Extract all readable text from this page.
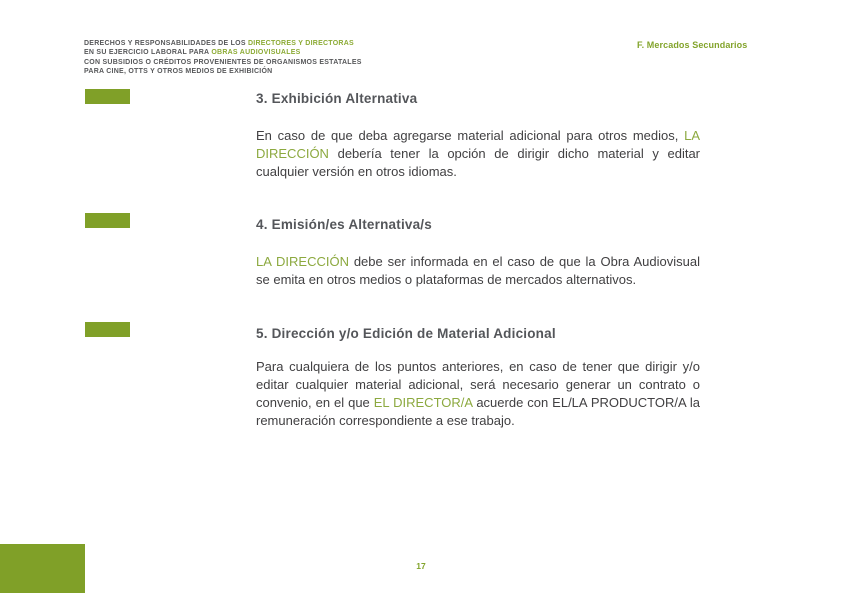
DERECHOS Y RESPONSABILIDADES DE LOS DIRECTORES Y DIRECTORAS
EN SU EJERCICIO LABORAL PARA OBRAS AUDIOVISUALES
CON SUBSIDIOS O CRÉDITOS PROVENIENTES DE ORGANISMOS ESTATALES
PARA CINE, OTTS Y OTROS MEDIOS DE EXHIBICIÓN
F. Mercados Secundarios
3. Exhibición Alternativa
En caso de que deba agregarse material adicional para otros medios, LA DIRECCIÓN debería tener la opción de dirigir dicho material y editar cualquier versión en otros idiomas.
4. Emisión/es Alternativa/s
LA DIRECCIÓN debe ser informada en el caso de que la Obra Audiovisual se emita en otros medios o plataformas de mercados alternativos.
5. Dirección y/o Edición de Material Adicional
Para cualquiera de los puntos anteriores, en caso de tener que dirigir y/o editar cualquier material adicional, será necesario generar un contrato o convenio, en el que EL DIRECTOR/A acuerde con EL/LA PRODUCTOR/A la remuneración correspondiente a ese trabajo.
17
